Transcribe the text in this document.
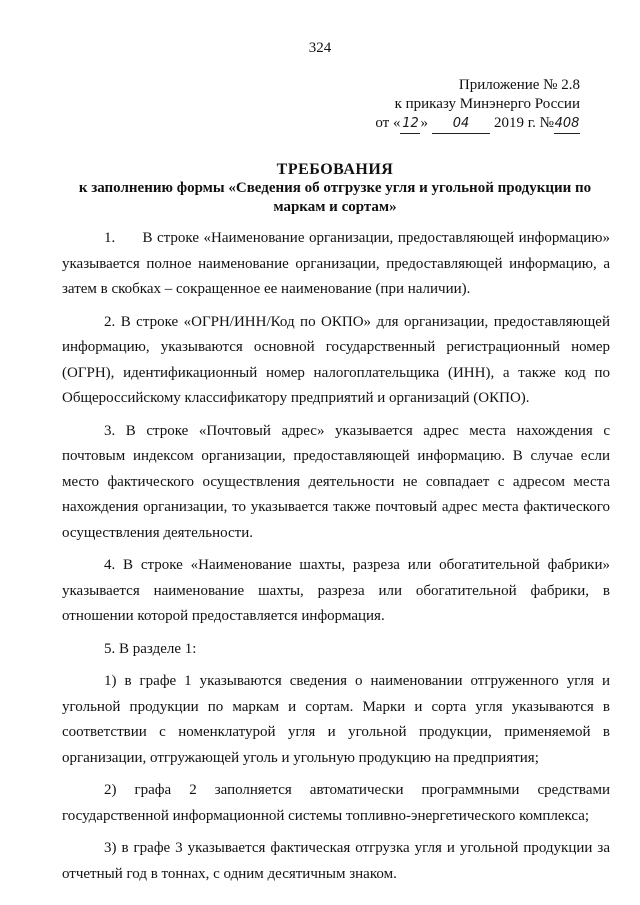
324
Приложение № 2.8
к приказу Минэнерго России
от « 12 » 04 2019 г. №408
ТРЕБОВАНИЯ
к заполнению формы «Сведения об отгрузке угля и угольной продукции по маркам и сортам»

1.      В строке «Наименование организации, предоставляющей информацию» указывается полное наименование организации, предоставляющей информацию, а затем в скобках – сокращенное ее наименование (при наличии).

2. В строке «ОГРН/ИНН/Код по ОКПО» для организации, предоставляющей информацию, указываются основной государственный регистрационный номер (ОГРН), идентификационный номер налогоплательщика (ИНН), а также код по Общероссийскому классификатору предприятий и организаций (ОКПО).

3. В строке «Почтовый адрес» указывается адрес места нахождения с почтовым индексом организации, предоставляющей информацию. В случае если место фактического осуществления деятельности не совпадает с адресом места нахождения организации, то указывается также почтовый адрес места фактического осуществления деятельности.

4. В строке «Наименование шахты, разреза или обогатительной фабрики» указывается наименование шахты, разреза или обогатительной фабрики, в отношении которой предоставляется информация.

5. В разделе 1:

1) в графе 1 указываются сведения о наименовании отгруженного угля и угольной продукции по маркам и сортам. Марки и сорта угля указываются в соответствии с номенклатурой угля и угольной продукции, применяемой в организации, отгружающей уголь и угольную продукцию на предприятия;

2) графа 2 заполняется автоматически программными средствами государственной информационной системы топливно-энергетического комплекса;

3) в графе 3 указывается фактическая отгрузка угля и угольной продукции за отчетный год в тоннах, с одним десятичным знаком.
